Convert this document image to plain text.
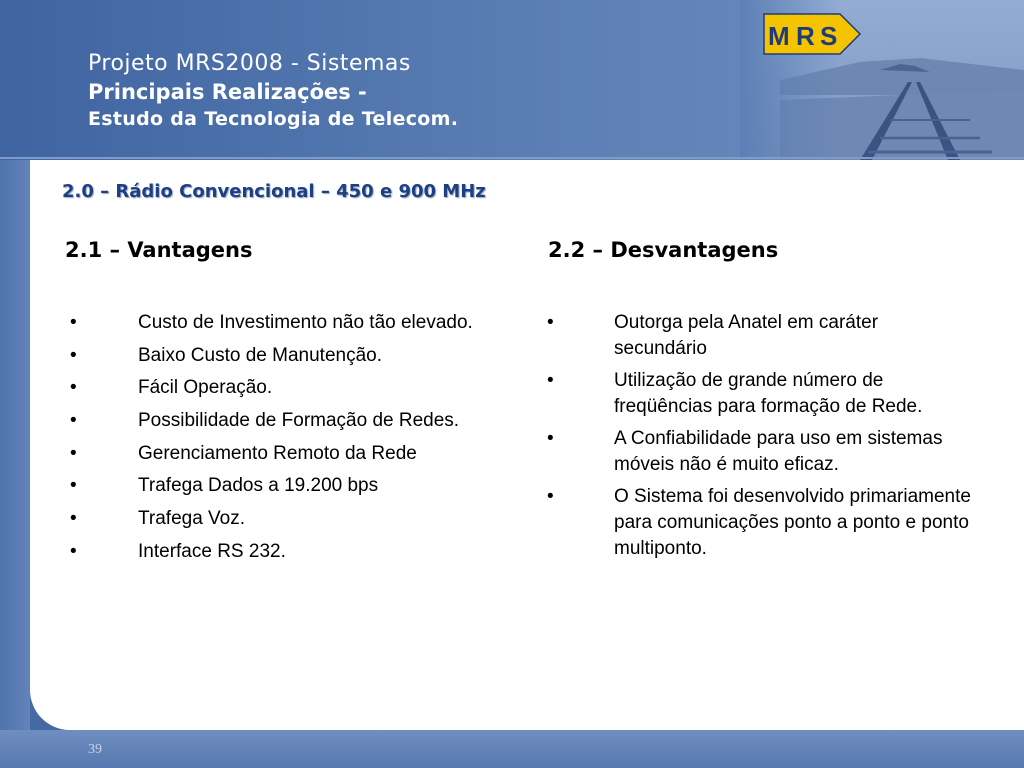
Projeto MRS2008 - Sistemas
Principais Realizações -
Estudo da Tecnologia de Telecom.
M R S
2.0 – Rádio Convencional – 450 e 900 MHz
2.1 – Vantagens	2.2 – Desvantagens
•	Custo de Investimento não tão elevado.
•	Baixo Custo de Manutenção.
•	Fácil Operação.
•	Possibilidade de Formação de Redes.
•	Gerenciamento Remoto da Rede
•	Trafega Dados a 19.200 bps
•	Trafega Voz.
•	Interface RS 232.
•	Outorga pela Anatel em caráter secundário
•	Utilização de grande número de freqüências para formação de Rede.
•	A Confiabilidade para uso em sistemas móveis não é muito eficaz.
•	O Sistema foi desenvolvido primariamente para comunicações ponto a ponto e ponto multiponto.
39
